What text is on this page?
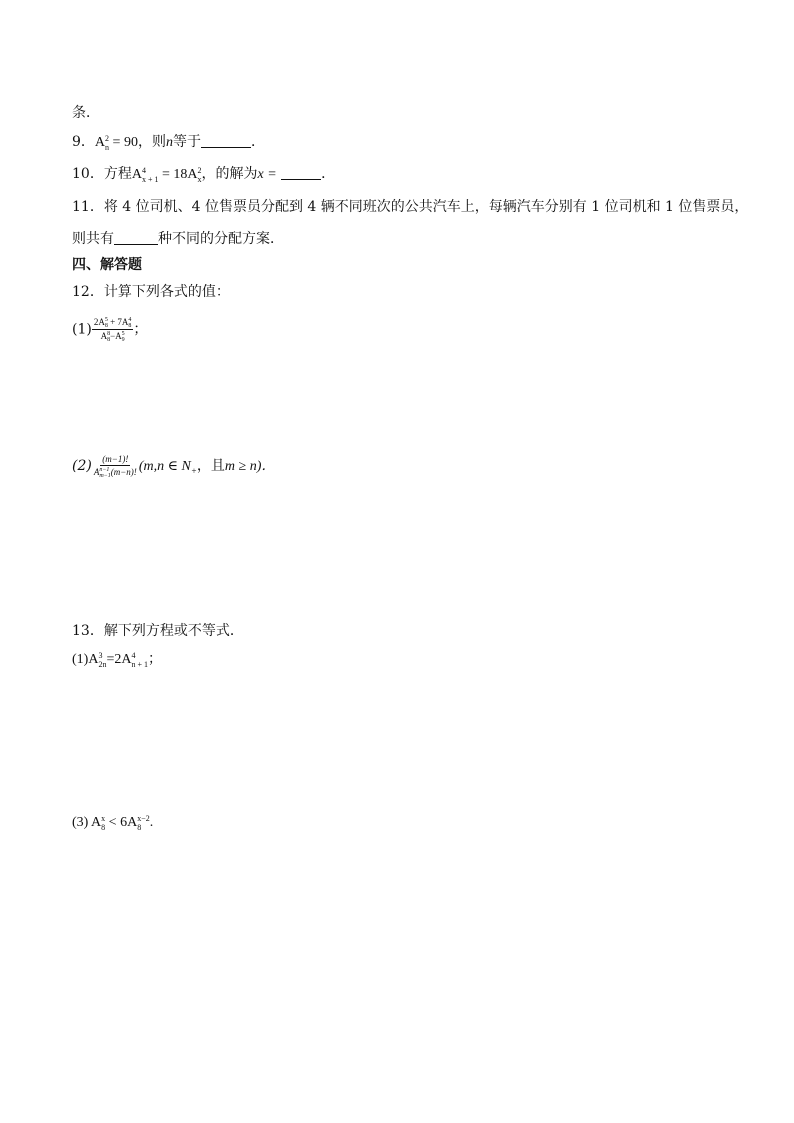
条．
9．A 2
n = 90，则n等于	．
10．方程A 4
x + 1 = 18A 2
x ，的解为x =	．
11．将 4 位司机、4 位售票员分配到 4 辆不同班次的公共汽车上，每辆汽车分别有 1 位司机和 1 位售票员，
则共有	种不同的分配方案．
四、解答题
12．计算下列各式的值：
(1) 2A 5
8 + 7A 4
8
A 8
8 −A 5
9 ；
(2) (m−1)!
A n−1
m−1 (m−n)! (m,n ∈ $N_+$，且m ≥ n)．
13．解下列方程或不等式．
(1)A 3
2n =2A 4
n + 1 ；
(3) A x
8 < 6A x−2
8 .
